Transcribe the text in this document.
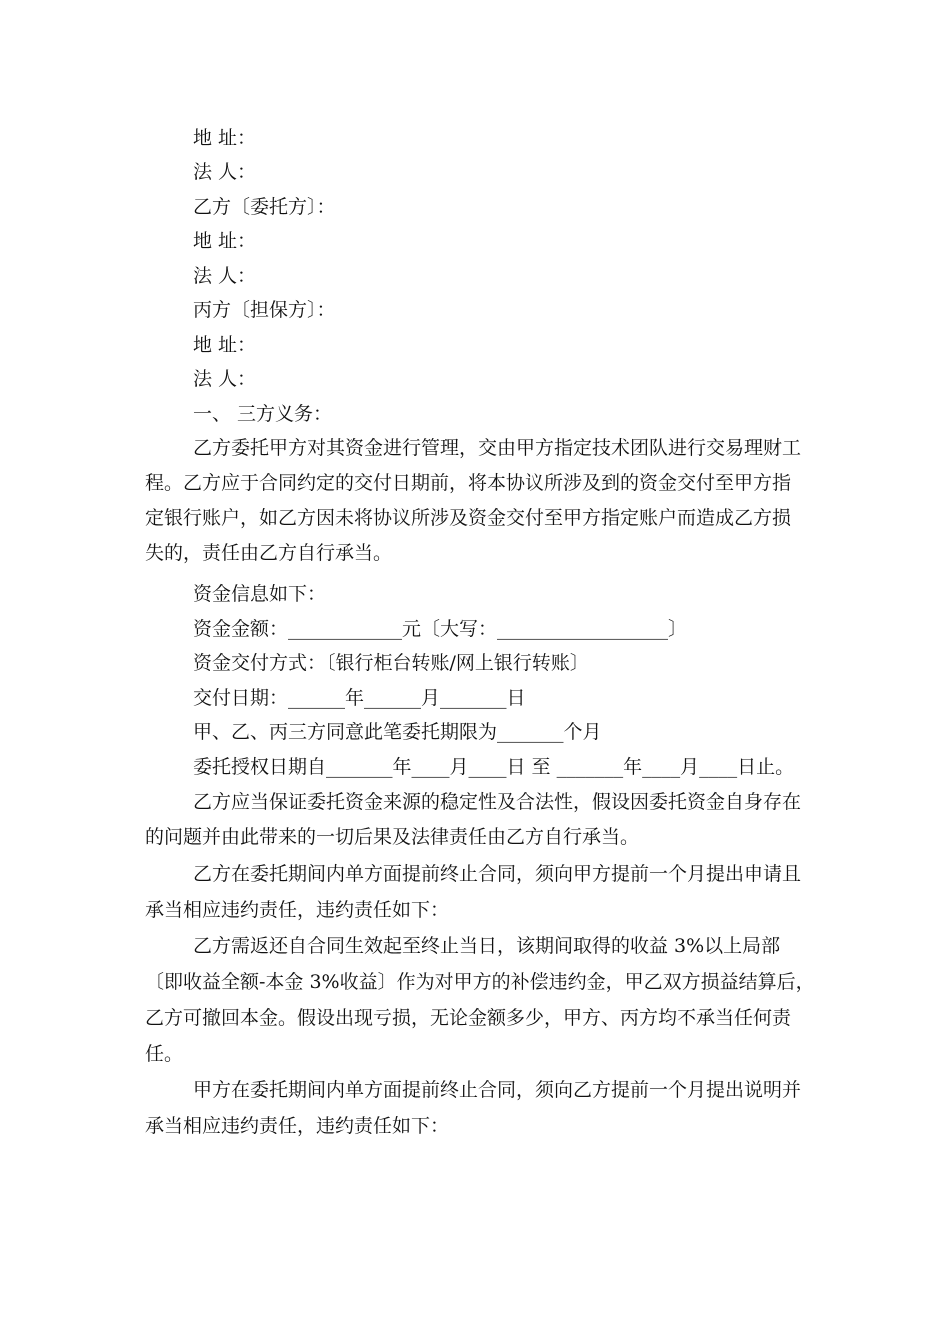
地 址：
法 人：
乙方〔委托方〕：
地 址：
法 人：
丙方〔担保方〕：
地 址：
法 人：
一、 三方义务：
乙方委托甲方对其资金进行管理，交由甲方指定技术团队进行交易理财工
程。乙方应于合同约定的交付日期前，将本协议所涉及到的资金交付至甲方指
定银行账户，如乙方因未将协议所涉及资金交付至甲方指定账户而造成乙方损
失的，责任由乙方自行承当。
资金信息如下：
资金金额：____________元〔大写：__________________〕
资金交付方式：〔银行柜台转账/网上银行转账〕
交付日期：______年______月_______日
甲、乙、丙三方同意此笔委托期限为_______个月
委托授权日期自_______年____月____日 至 _______年____月____日止。
乙方应当保证委托资金来源的稳定性及合法性，假设因委托资金自身存在
的问题并由此带来的一切后果及法律责任由乙方自行承当。
乙方在委托期间内单方面提前终止合同，须向甲方提前一个月提出申请且
承当相应违约责任，违约责任如下：
乙方需返还自合同生效起至终止当日，该期间取得的收益 3%以上局部
〔即收益全额-本金 3%收益〕作为对甲方的补偿违约金，甲乙双方损益结算后，
乙方可撤回本金。假设出现亏损，无论金额多少，甲方、丙方均不承当任何责
任。
甲方在委托期间内单方面提前终止合同，须向乙方提前一个月提出说明并
承当相应违约责任，违约责任如下：
